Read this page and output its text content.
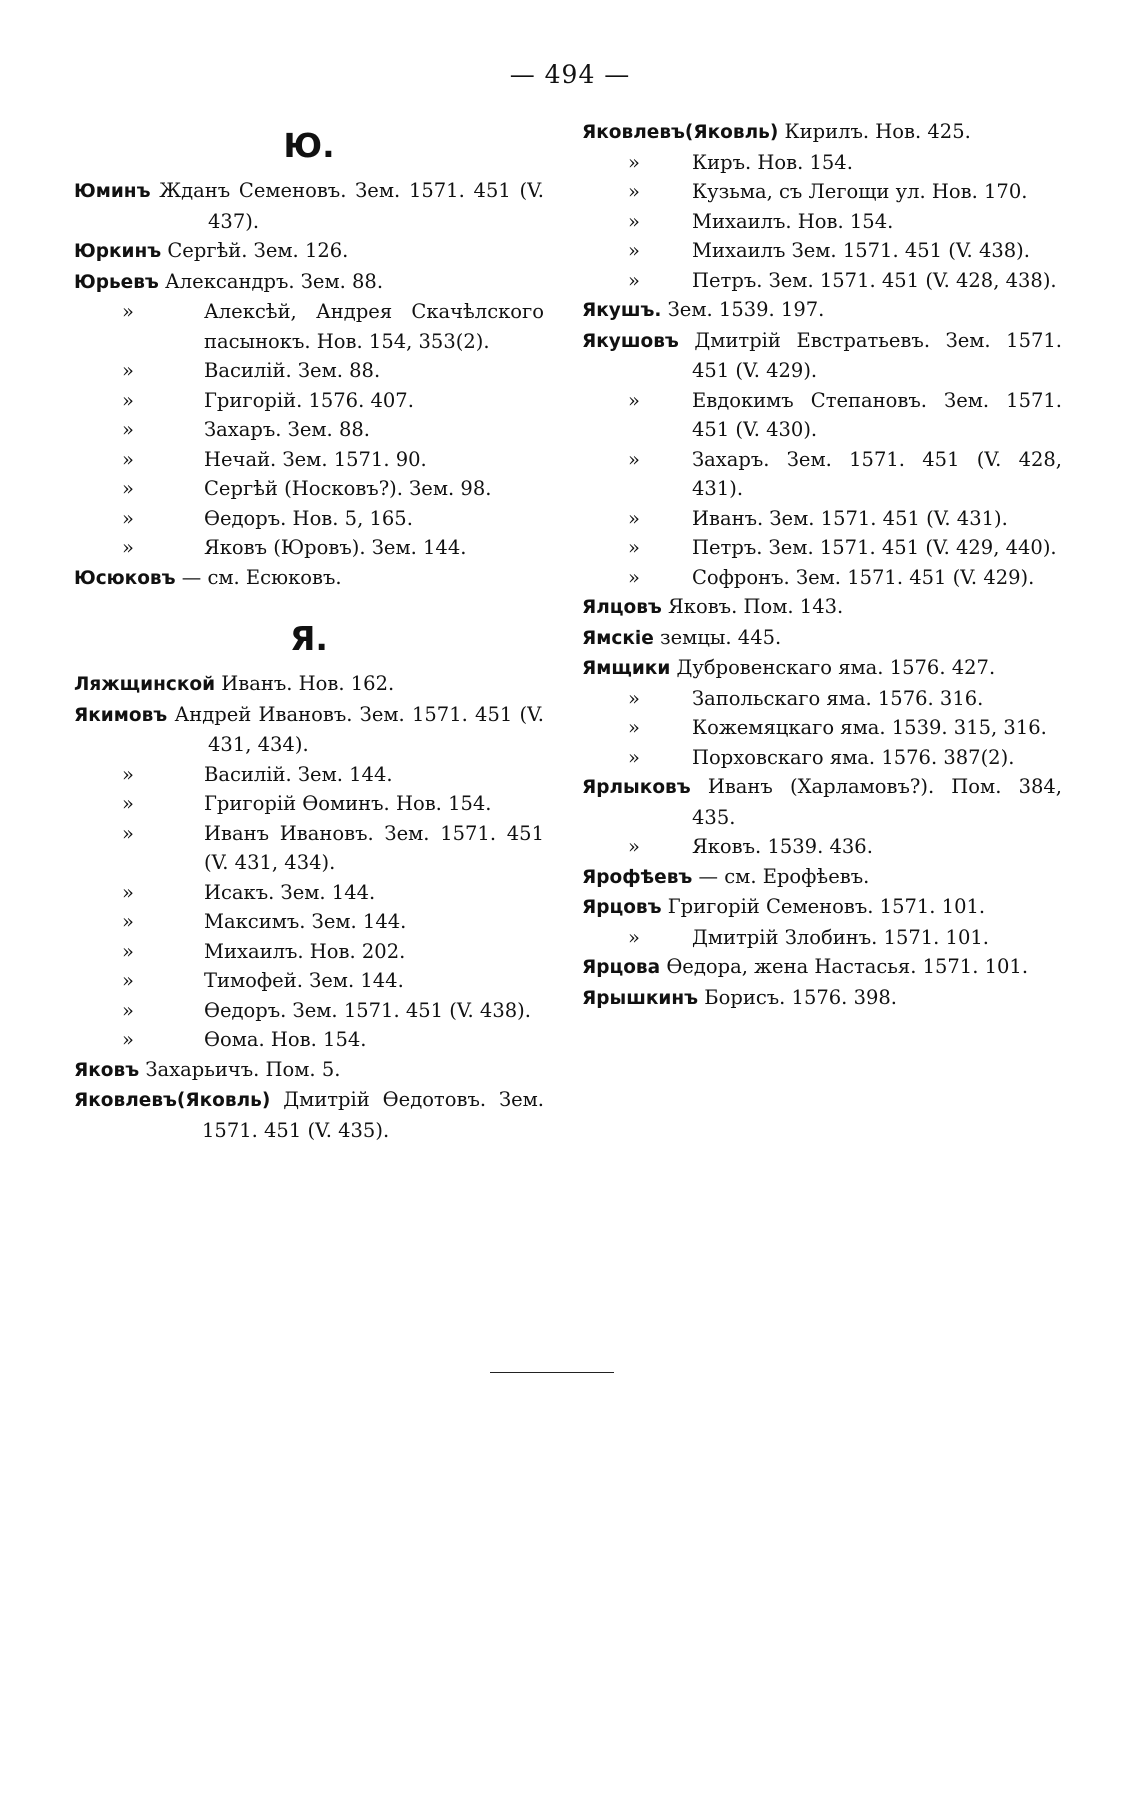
— 494 —
Ю.
Юминъ Жданъ Семеновъ. Зем. 1571. 451 (V. 437).
Юркинъ Сергѣй. Зем. 126.
Юрьевъ Александръ. Зем. 88.
»	Алексѣй, Андрея Скачѣлского пасынокъ. Нов. 154, 353(2).
»	Василій. Зем. 88.
»	Григорій. 1576. 407.
»	Захаръ. Зем. 88.
»	Нечай. Зем. 1571. 90.
»	Сергѣй (Носковъ?). Зем. 98.
»	Ѳедоръ. Нов. 5, 165.
»	Яковъ (Юровъ). Зем. 144.
Юсюковъ — см. Есюковъ.
Я.
Ляжщинской Иванъ. Нов. 162.
Якимовъ Андрей Ивановъ. Зем. 1571. 451 (V. 431, 434).
»	Василій. Зем. 144.
»	Григорій Ѳоминъ. Нов. 154.
»	Иванъ Ивановъ. Зем. 1571. 451 (V. 431, 434).
»	Исакъ. Зем. 144.
»	Максимъ. Зем. 144.
»	Михаилъ. Нов. 202.
»	Тимофей. Зем. 144.
»	Ѳедоръ. Зем. 1571. 451 (V. 438).
»	Ѳома. Нов. 154.
Яковъ Захарьичъ. Пом. 5.
Яковлевъ(Яковль) Дмитрій Ѳедотовъ. Зем. 1571. 451 (V. 435).
Яковлевъ(Яковль) Кирилъ. Нов. 425.
»	Киръ. Нов. 154.
»	Кузьма, съ Легощи ул. Нов. 170.
»	Михаилъ. Нов. 154.
»	Михаилъ Зем. 1571. 451 (V. 438).
»	Петръ. Зем. 1571. 451 (V. 428, 438).
Якушъ. Зем. 1539. 197.
Якушовъ Дмитрій Евстратьевъ. Зем. 1571. 451 (V. 429).
»	Евдокимъ Степановъ. Зем. 1571. 451 (V. 430).
»	Захаръ. Зем. 1571. 451 (V. 428, 431).
»	Иванъ. Зем. 1571. 451 (V. 431).
»	Петръ. Зем. 1571. 451 (V. 429, 440).
»	Софронъ. Зем. 1571. 451 (V. 429).
Ялцовъ Яковъ. Пом. 143.
Ямскіе земцы. 445.
Ямщики Дубровенскаго яма. 1576. 427.
»	Запольскаго яма. 1576. 316.
»	Кожемяцкаго яма. 1539. 315, 316.
»	Порховскаго яма. 1576. 387(2).
Ярлыковъ Иванъ (Харламовъ?). Пом. 384, 435.
»	Яковъ. 1539. 436.
Ярофѣевъ — см. Ерофѣевъ.
Ярцовъ Григорій Семеновъ. 1571. 101.
»	Дмитрій Злобинъ. 1571. 101.
Ярцова Ѳедора, жена Настасья. 1571. 101.
Ярышкинъ Борисъ. 1576. 398.
